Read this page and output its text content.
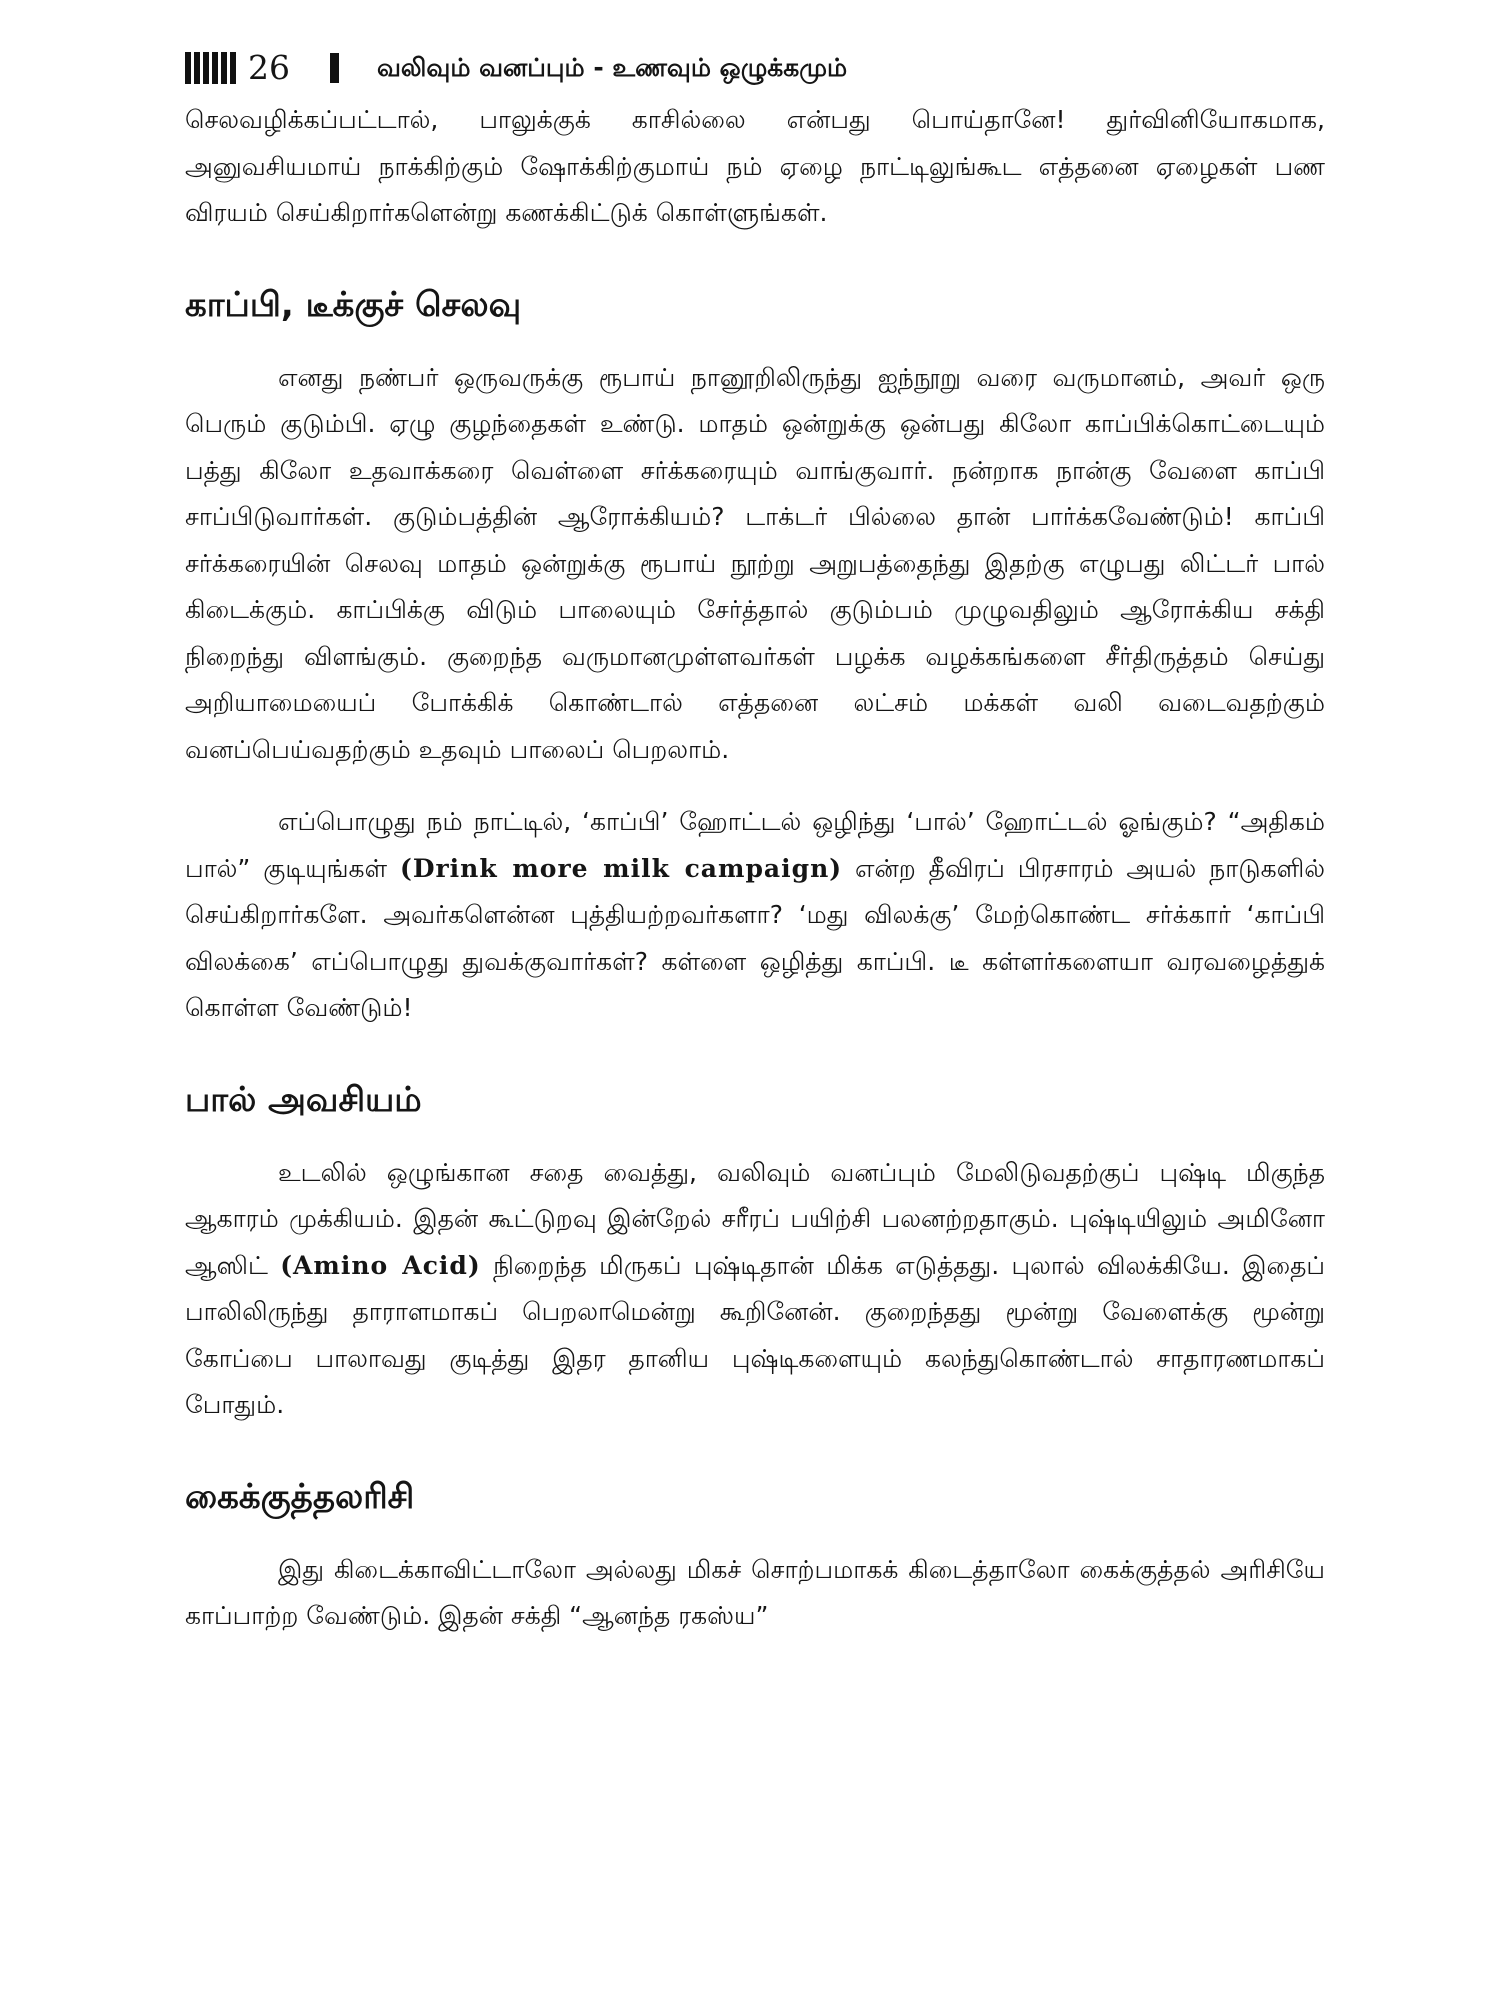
26	வலிவும் வனப்பும் - உணவும் ஒழுக்கமும்

செலவழிக்கப்பட்டால், பாலுக்குக் காசில்லை என்பது பொய்தானே! துர்வினியோகமாக, அனுவசியமாய் நாக்கிற்கும் ஷோக்கிற்குமாய் நம் ஏழை நாட்டிலுங்கூட எத்தனை ஏழைகள் பண விரயம் செய்கிறார்களென்று கணக்கிட்டுக் கொள்ளுங்கள்.

காப்பி, டீக்குச் செலவு

எனது நண்பர் ஒருவருக்கு ரூபாய் நானூறிலிருந்து ஐந்நூறு வரை வருமானம், அவர் ஒரு பெரும் குடும்பி. ஏழு குழந்தைகள் உண்டு. மாதம் ஒன்றுக்கு ஒன்பது கிலோ காப்பிக்கொட்டையும் பத்து கிலோ உதவாக்கரை வெள்ளை சர்க்கரையும் வாங்குவார். நன்றாக நான்கு வேளை காப்பி சாப்பிடுவார்கள். குடும்பத்தின் ஆரோக்கியம்? டாக்டர் பில்லை தான் பார்க்கவேண்டும்! காப்பி சர்க்கரையின் செலவு மாதம் ஒன்றுக்கு ரூபாய் நூற்று அறுபத்தைந்து இதற்கு எழுபது லிட்டர் பால் கிடைக்கும். காப்பிக்கு விடும் பாலையும் சேர்த்தால் குடும்பம் முழுவதிலும் ஆரோக்கிய சக்தி நிறைந்து விளங்கும். குறைந்த வருமானமுள்ளவர்கள் பழக்க வழக்கங்களை சீர்திருத்தம் செய்து அறியாமையைப் போக்கிக் கொண்டால் எத்தனை லட்சம் மக்கள் வலி வடைவதற்கும் வனப்பெய்வதற்கும் உதவும் பாலைப் பெறலாம்.

எப்பொழுது நம் நாட்டில், ‘காப்பி’ ஹோட்டல் ஒழிந்து ‘பால்’ ஹோட்டல் ஓங்கும்? “அதிகம் பால்” குடியுங்கள் (Drink more milk campaign) என்ற தீவிரப் பிரசாரம் அயல் நாடுகளில் செய்கிறார்களே. அவர்களென்ன புத்தியற்றவர்களா? ‘மது விலக்கு’ மேற்கொண்ட சர்க்கார் ‘காப்பி விலக்கை’ எப்பொழுது துவக்குவார்கள்? கள்ளை ஒழித்து காப்பி. டீ கள்ளர்களையா வரவழைத்துக் கொள்ள வேண்டும்!

பால் அவசியம்

உடலில் ஒழுங்கான சதை வைத்து, வலிவும் வனப்பும் மேலிடுவதற்குப் புஷ்டி மிகுந்த ஆகாரம் முக்கியம். இதன் கூட்டுறவு இன்றேல் சரீரப் பயிற்சி பலனற்றதாகும். புஷ்டியிலும் அமினோ ஆஸிட் (Amino Acid) நிறைந்த மிருகப் புஷ்டிதான் மிக்க எடுத்தது. புலால் விலக்கியே. இதைப் பாலிலிருந்து தாராளமாகப் பெறலாமென்று கூறினேன். குறைந்தது மூன்று வேளைக்கு மூன்று கோப்பை பாலாவது குடித்து இதர தானிய புஷ்டிகளையும் கலந்துகொண்டால் சாதாரணமாகப் போதும்.

கைக்குத்தலரிசி

இது கிடைக்காவிட்டாலோ அல்லது மிகச் சொற்பமாகக் கிடைத்தாலோ கைக்குத்தல் அரிசியே காப்பாற்ற வேண்டும். இதன் சக்தி “ஆனந்த ரகஸ்ய”
